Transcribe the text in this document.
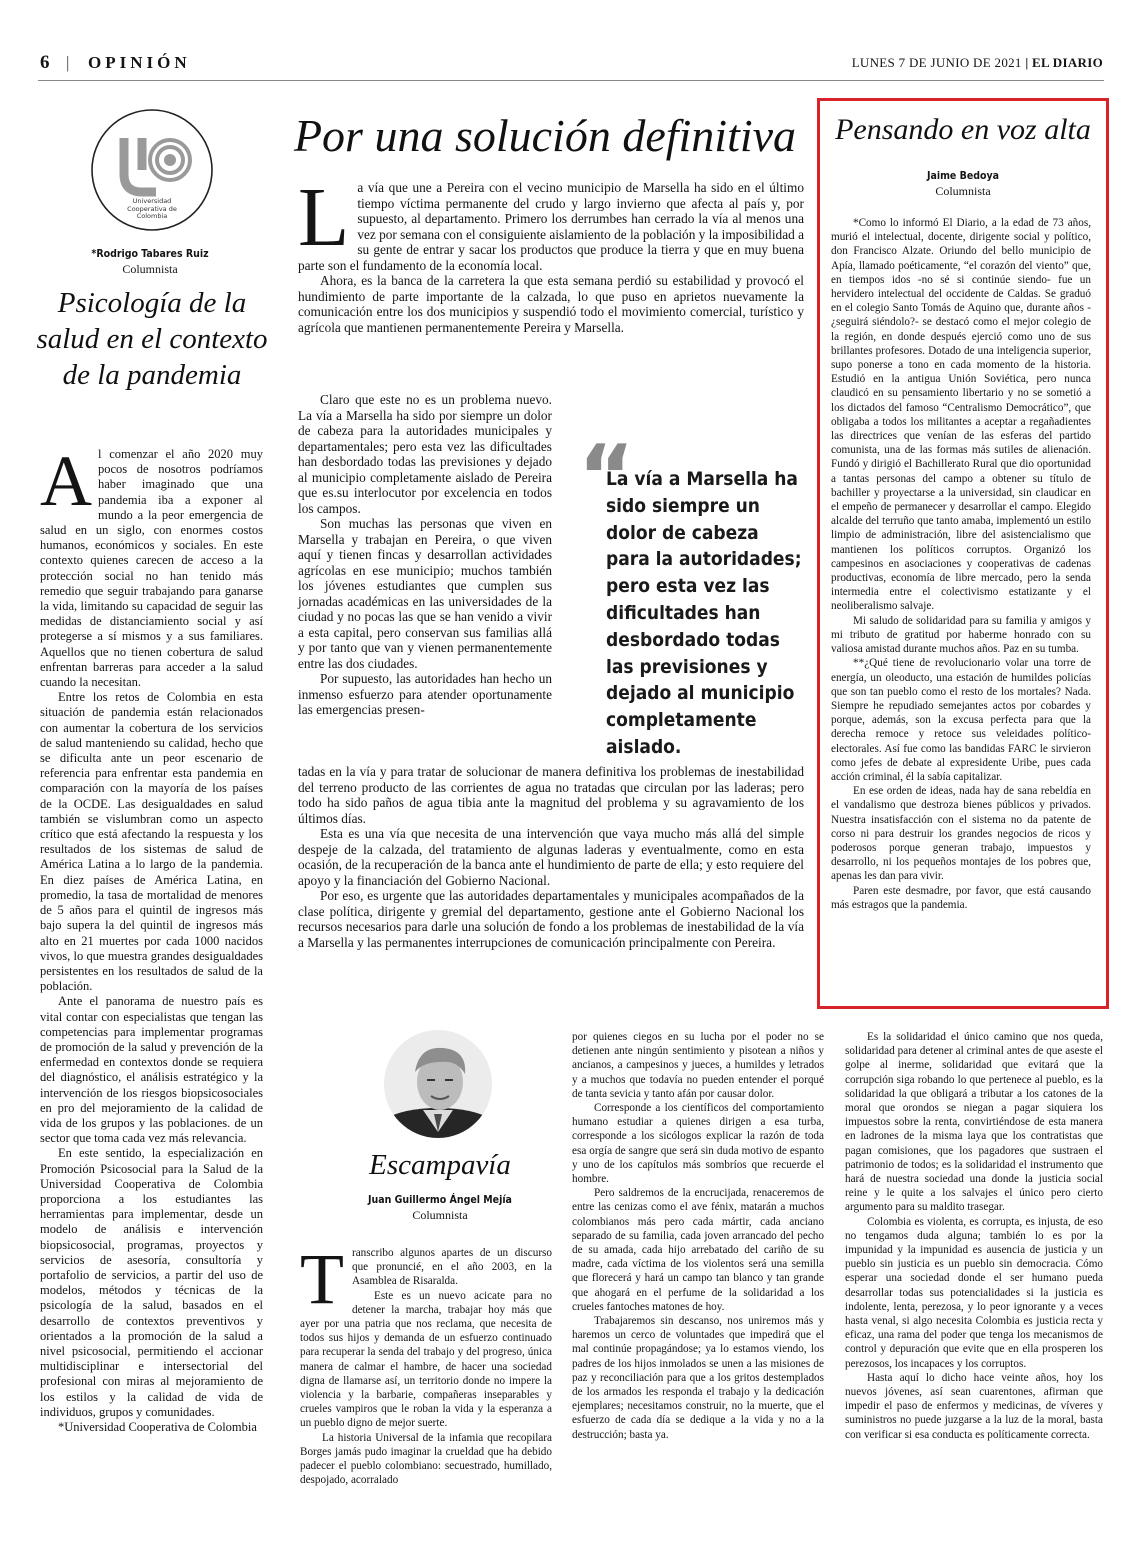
6 | OPINIÓN	LUNES 7 DE JUNIO DE 2021 | EL DIARIO
Universidad Cooperativa de Colombia
*Rodrigo Tabares Ruiz
Columnista
Psicología de la salud en el contexto de la pandemia
A l comenzar el año 2020 muy pocos de nosotros podríamos haber imaginado que una pandemia iba a exponer al mundo a la peor emergencia de salud en un siglo, con enormes costos humanos, económicos y sociales. En este contexto quienes carecen de acceso a la protección social no han tenido más remedio que seguir trabajando para ganarse la vida, limitando su capacidad de seguir las medidas de distanciamiento social y así protegerse a sí mismos y a sus familiares. Aquellos que no tienen cobertura de salud enfrentan barreras para acceder a la salud cuando la necesitan.

Entre los retos de Colombia en esta situación de pandemia están relacionados con aumentar la cobertura de los servicios de salud manteniendo su calidad, hecho que se dificulta ante un peor escenario de referencia para enfrentar esta pandemia en comparación con la mayoría de los países de la OCDE. Las desigualdades en salud también se vislumbran como un aspecto crítico que está afectando la respuesta y los resultados de los sistemas de salud de América Latina a lo largo de la pandemia. En diez países de América Latina, en promedio, la tasa de mortalidad de menores de 5 años para el quintil de ingresos más bajo supera la del quintil de ingresos más alto en 21 muertes por cada 1000 nacidos vivos, lo que muestra grandes desigualdades persistentes en los resultados de salud de la población.

Ante el panorama de nuestro país es vital contar con especialistas que tengan las competencias para implementar programas de promoción de la salud y prevención de la enfermedad en contextos donde se requiera del diagnóstico, el análisis estratégico y la intervención de los riesgos biopsicosociales en pro del mejoramiento de la calidad de vida de los grupos y las poblaciones. de un sector que toma cada vez más relevancia.

En este sentido, la especialización en Promoción Psicosocial para la Salud de la Universidad Cooperativa de Colombia proporciona a los estudiantes las herramientas para implementar, desde un modelo de análisis e intervención biopsicosocial, programas, proyectos y servicios de asesoría, consultoría y portafolio de servicios, a partir del uso de modelos, métodos y técnicas de la psicología de la salud, basados en el desarrollo de contextos preventivos y orientados a la promoción de la salud a nivel psicosocial, permitiendo el accionar multidisciplinar e intersectorial del profesional con miras al mejoramiento de los estilos y la calidad de vida de individuos, grupos y comunidades.

*Universidad Cooperativa de Colombia

Por una solución definitiva
L a vía que une a Pereira con el vecino municipio de Marsella ha sido en el último tiempo víctima permanente del crudo y largo invierno que afecta al país y, por supuesto, al departamento. Primero los derrumbes han cerrado la vía al menos una vez por semana con el consiguiente aislamiento de la población y la imposibilidad a su gente de entrar y sacar los productos que produce la tierra y que en muy buena parte son el fundamento de la economía local.

Ahora, es la banca de la carretera la que esta semana perdió su estabilidad y provocó el hundimiento de parte importante de la calzada, lo que puso en aprietos nuevamente la comunicación entre los dos municipios y suspendió todo el movimiento comercial, turístico y agrícola que mantienen permanentemente Pereira y Marsella.

Claro que este no es un problema nuevo. La vía a Marsella ha sido por siempre un dolor de cabeza para la autoridades municipales y departamentales; pero esta vez las dificultades han desbordado todas las previsiones y dejado al municipio completamente aislado de Pereira que es.su interlocutor por excelencia en todos los campos.

Son muchas las personas que viven en Marsella y trabajan en Pereira, o que viven aquí y tienen fincas y desarrollan actividades agrícolas en ese municipio; muchos también los jóvenes estudiantes que cumplen sus jornadas académicas en las universidades de la ciudad y no pocas las que se han venido a vivir a esta capital, pero conservan sus familias allá y por tanto que van y vienen permanentemente entre las dos ciudades.

Por supuesto, las autoridades han hecho un inmenso esfuerzo para atender oportunamente las emergencias presen-

tadas en la vía y para tratar de solucionar de manera definitiva los problemas de inestabilidad del terreno producto de las corrientes de agua no tratadas que circulan por las laderas; pero todo ha sido paños de agua tibia ante la magnitud del problema y su agravamiento de los últimos días.

Esta es una vía que necesita de una intervención que vaya mucho más allá del simple despeje de la calzada, del tratamiento de algunas laderas y eventualmente, como en esta ocasión, de la recuperación de la banca ante el hundimiento de parte de ella; y esto requiere del apoyo y la financiación del Gobierno Nacional.

Por eso, es urgente que las autoridades departamentales y municipales acompañados de la clase política, dirigente y gremial del departamento, gestione ante el Gobierno Nacional los recursos necesarios para darle una solución de fondo a los problemas de inestabilidad de la vía a Marsella y las permanentes interrupciones de comunicación principalmente con Pereira.

“
La vía a Marsella ha sido siempre un dolor de cabeza para la autoridades; pero esta vez las dificultades han desbordado todas las previsiones y dejado al municipio completamente aislado.
Pensando en voz alta
Jaime Bedoya
Columnista

*Como lo informó El Diario, a la edad de 73 años, murió el intelectual, docente, dirigente social y político, don Francisco Alzate. Oriundo del bello municipio de Apía, llamado poéticamente, “el corazón del viento” que, en tiempos idos -no sé si continúe siendo- fue un hervidero intelectual del occidente de Caldas. Se graduó en el colegio Santo Tomás de Aquino que, durante años -¿seguirá siéndolo?- se destacó como el mejor colegio de la región, en donde después ejerció como uno de sus brillantes profesores. Dotado de una inteligencia superior, supo ponerse a tono en cada momento de la historia. Estudió en la antigua Unión Soviética, pero nunca claudicó en su pensamiento libertario y no se sometió a los dictados del famoso “Centralismo Democrático”, que obligaba a todos los militantes a aceptar a regañadientes las directrices que venían de las esferas del partido comunista, una de las formas más sutiles de alienación. Fundó y dirigió el Bachillerato Rural que dio oportunidad a tantas personas del campo a obtener su título de bachiller y proyectarse a la universidad, sin claudicar en el empeño de permanecer y desarrollar el campo. Elegido alcalde del terruño que tanto amaba, implementó un estilo limpio de administración, libre del asistencialismo que mantienen los políticos corruptos. Organizó los campesinos en asociaciones y cooperativas de cadenas productivas, economía de libre mercado, pero la senda intermedia entre el colectivismo estatizante y el neoliberalismo salvaje.

Mi saludo de solidaridad para su familia y amigos y mi tributo de gratitud por haberme honrado con su valiosa amistad durante muchos años. Paz en su tumba.

**¿Qué tiene de revolucionario volar una torre de energía, un oleoducto, una estación de humildes policías que son tan pueblo como el resto de los mortales? Nada. Siempre he repudiado semejantes actos por cobardes y porque, además, son la excusa perfecta para que la derecha remoce y retoce sus veleidades político-electorales. Así fue como las bandidas FARC le sirvieron como jefes de debate al expresidente Uribe, pues cada acción criminal, él la sabía capitalizar.

En ese orden de ideas, nada hay de sana rebeldía en el vandalismo que destroza bienes públicos y privados. Nuestra insatisfacción con el sistema no da patente de corso ni para destruir los grandes negocios de ricos y poderosos porque generan trabajo, impuestos y desarrollo, ni los pequeños montajes de los pobres que, apenas les dan para vivir.

Paren este desmadre, por favor, que está causando más estragos que la pandemia.

Escampavía
Juan Guillermo Ángel Mejía
Columnista
T ranscribo algunos apartes de un discurso que pronuncié, en el año 2003, en la Asamblea de Risaralda.

Este es un nuevo acicate para no detener la marcha, trabajar hoy más que ayer por una patria que nos reclama, que necesita de todos sus hijos y demanda de un esfuerzo continuado para recuperar la senda del trabajo y del progreso, única manera de calmar el hambre, de hacer una sociedad digna de llamarse así, un territorio donde no impere la violencia y la barbarie, compañeras inseparables y crueles vampiros que le roban la vida y la esperanza a un pueblo digno de mejor suerte.

La historia Universal de la infamia que recopilara Borges jamás pudo imaginar la crueldad que ha debido padecer el pueblo colombiano: secuestrado, humillado, despojado, acorralado

por quienes ciegos en su lucha por el poder no se detienen ante ningún sentimiento y pisotean a niños y ancianos, a campesinos y jueces, a humildes y letrados y a muchos que todavía no pueden entender el porqué de tanta sevicia y tanto afán por causar dolor.

Corresponde a los científicos del comportamiento humano estudiar a quienes dirigen a esa turba, corresponde a los sicólogos explicar la razón de toda esa orgía de sangre que será sin duda motivo de espanto y uno de los capítulos más sombríos que recuerde el hombre.

Pero saldremos de la encrucijada, renaceremos de entre las cenizas como el ave fénix, matarán a muchos colombianos más pero cada mártir, cada anciano separado de su familia, cada joven arrancado del pecho de su amada, cada hijo arrebatado del cariño de su madre, cada víctima de los violentos será una semilla que florecerá y hará un campo tan blanco y tan grande que ahogará en el perfume de la solidaridad a los crueles fantoches matones de hoy.

Trabajaremos sin descanso, nos uniremos más y haremos un cerco de voluntades que impedirá que el mal continúe propagándose; ya lo estamos viendo, los padres de los hijos inmolados se unen a las misiones de paz y reconciliación para que a los gritos destemplados de los armados les responda el trabajo y la dedicación ejemplares; necesitamos construir, no la muerte, que el esfuerzo de cada día se dedique a la vida y no a la destrucción; basta ya.

Es la solidaridad el único camino que nos queda, solidaridad para detener al criminal antes de que aseste el golpe al inerme, solidaridad que evitará que la corrupción siga robando lo que pertenece al pueblo, es la solidaridad la que obligará a tributar a los catones de la moral que orondos se niegan a pagar siquiera los impuestos sobre la renta, convirtiéndose de esta manera en ladrones de la misma laya que los contratistas que pagan comisiones, que los pagadores que sustraen el patrimonio de todos; es la solidaridad el instrumento que hará de nuestra sociedad una donde la justicia social reine y le quite a los salvajes el único pero cierto argumento para su maldito trasegar.

Colombia es violenta, es corrupta, es injusta, de eso no tengamos duda alguna; también lo es por la impunidad y la impunidad es ausencia de justicia y un pueblo sin justicia es un pueblo sin democracia. Cómo esperar una sociedad donde el ser humano pueda desarrollar todas sus potencialidades si la justicia es indolente, lenta, perezosa, y lo peor ignorante y a veces hasta venal, si algo necesita Colombia es justicia recta y eficaz, una rama del poder que tenga los mecanismos de control y depuración que evite que en ella prosperen los perezosos, los incapaces y los corruptos.

Hasta aquí lo dicho hace veinte años, hoy los nuevos jóvenes, así sean cuarentones, afirman que impedir el paso de enfermos y medicinas, de víveres y suministros no puede juzgarse a la luz de la moral, basta con verificar si esa conducta es políticamente correcta.
